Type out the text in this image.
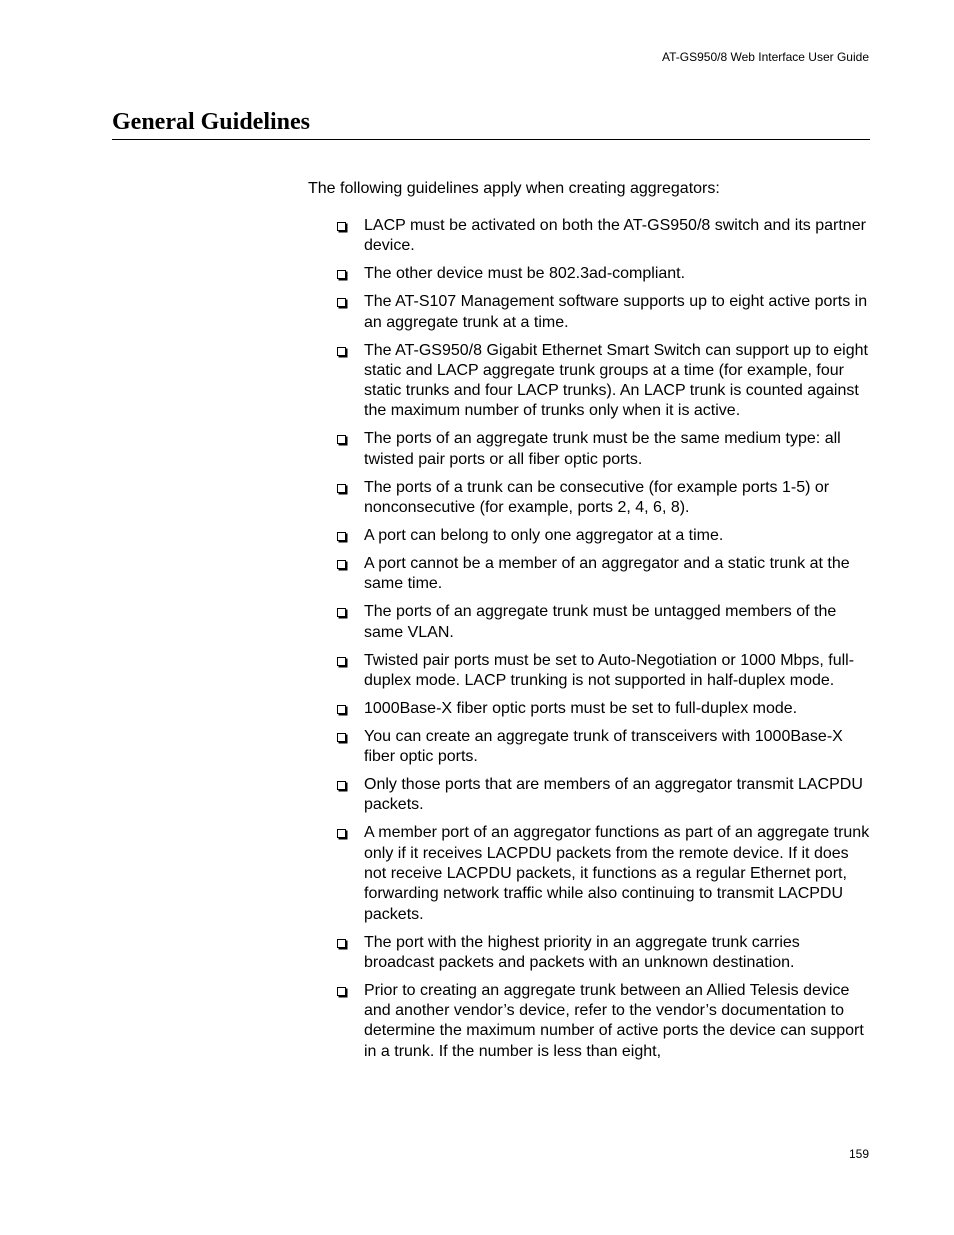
AT-GS950/8 Web Interface User Guide
General Guidelines

The following guidelines apply when creating aggregators:

LACP must be activated on both the AT-GS950/8 switch and its partner device.
The other device must be 802.3ad-compliant.
The AT-S107 Management software supports up to eight active ports in an aggregate trunk at a time.
The AT-GS950/8 Gigabit Ethernet Smart Switch can support up to eight static and LACP aggregate trunk groups at a time (for example, four static trunks and four LACP trunks). An LACP trunk is counted against the maximum number of trunks only when it is active.
The ports of an aggregate trunk must be the same medium type: all twisted pair ports or all fiber optic ports.
The ports of a trunk can be consecutive (for example ports 1-5) or nonconsecutive (for example, ports 2, 4, 6, 8).
A port can belong to only one aggregator at a time.
A port cannot be a member of an aggregator and a static trunk at the same time.
The ports of an aggregate trunk must be untagged members of the same VLAN.
Twisted pair ports must be set to Auto-Negotiation or 1000 Mbps, full-duplex mode. LACP trunking is not supported in half-duplex mode.
1000Base-X fiber optic ports must be set to full-duplex mode.
You can create an aggregate trunk of transceivers with 1000Base-X fiber optic ports.
Only those ports that are members of an aggregator transmit LACPDU packets.
A member port of an aggregator functions as part of an aggregate trunk only if it receives LACPDU packets from the remote device. If it does not receive LACPDU packets, it functions as a regular Ethernet port, forwarding network traffic while also continuing to transmit LACPDU packets.
The port with the highest priority in an aggregate trunk carries broadcast packets and packets with an unknown destination.
Prior to creating an aggregate trunk between an Allied Telesis device and another vendor’s device, refer to the vendor’s documentation to determine the maximum number of active ports the device can support in a trunk. If the number is less than eight,
159
